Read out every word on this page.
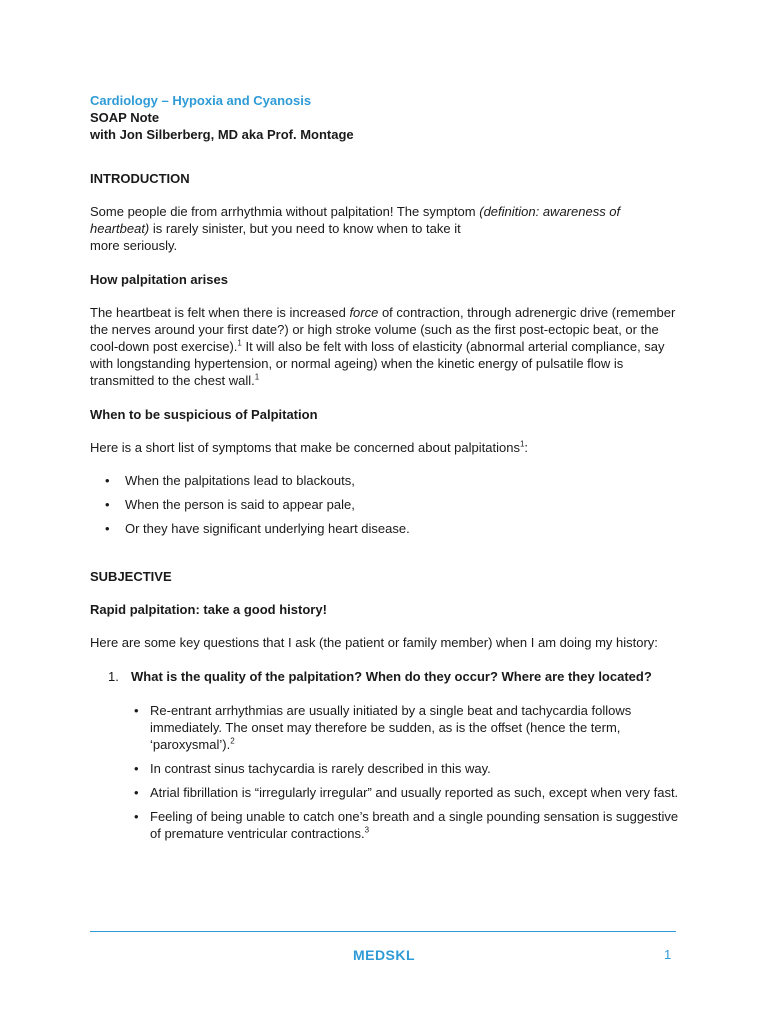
Cardiology – Hypoxia and Cyanosis
SOAP Note
with Jon Silberberg, MD aka Prof. Montage
INTRODUCTION

Some people die from arrhythmia without palpitation! The symptom (definition: awareness of heartbeat) is rarely sinister, but you need to know when to take it
more seriously.

How palpitation arises

The heartbeat is felt when there is increased force of contraction, through adrenergic drive (remember the nerves around your first date?) or high stroke volume (such as the first post-ectopic beat, or the cool-down post exercise).$^1$ It will also be felt with loss of elasticity (abnormal arterial compliance, say with longstanding hypertension, or normal ageing) when the kinetic energy of pulsatile flow is transmitted to the chest wall.$^1$

When to be suspicious of Palpitation

Here is a short list of symptoms that make be concerned about palpitations$^1$:

• When the palpitations lead to blackouts,
• When the person is said to appear pale,
• Or they have significant underlying heart disease.
SUBJECTIVE
Rapid palpitation: take a good history!

Here are some key questions that I ask (the patient or family member) when I am doing my history:

1. What is the quality of the palpitation? When do they occur? Where are they located?
• Re-entrant arrhythmias are usually initiated by a single beat and tachycardia follows immediately. The onset may therefore be sudden, as is the offset (hence the term, ‘paroxysmal’).$^2$
• In contrast sinus tachycardia is rarely described in this way.
• Atrial fibrillation is “irregularly irregular” and usually reported as such, except when very fast.
• Feeling of being unable to catch one’s breath and a single pounding sensation is suggestive of premature ventricular contractions.$^3$
MEDSKL	1
